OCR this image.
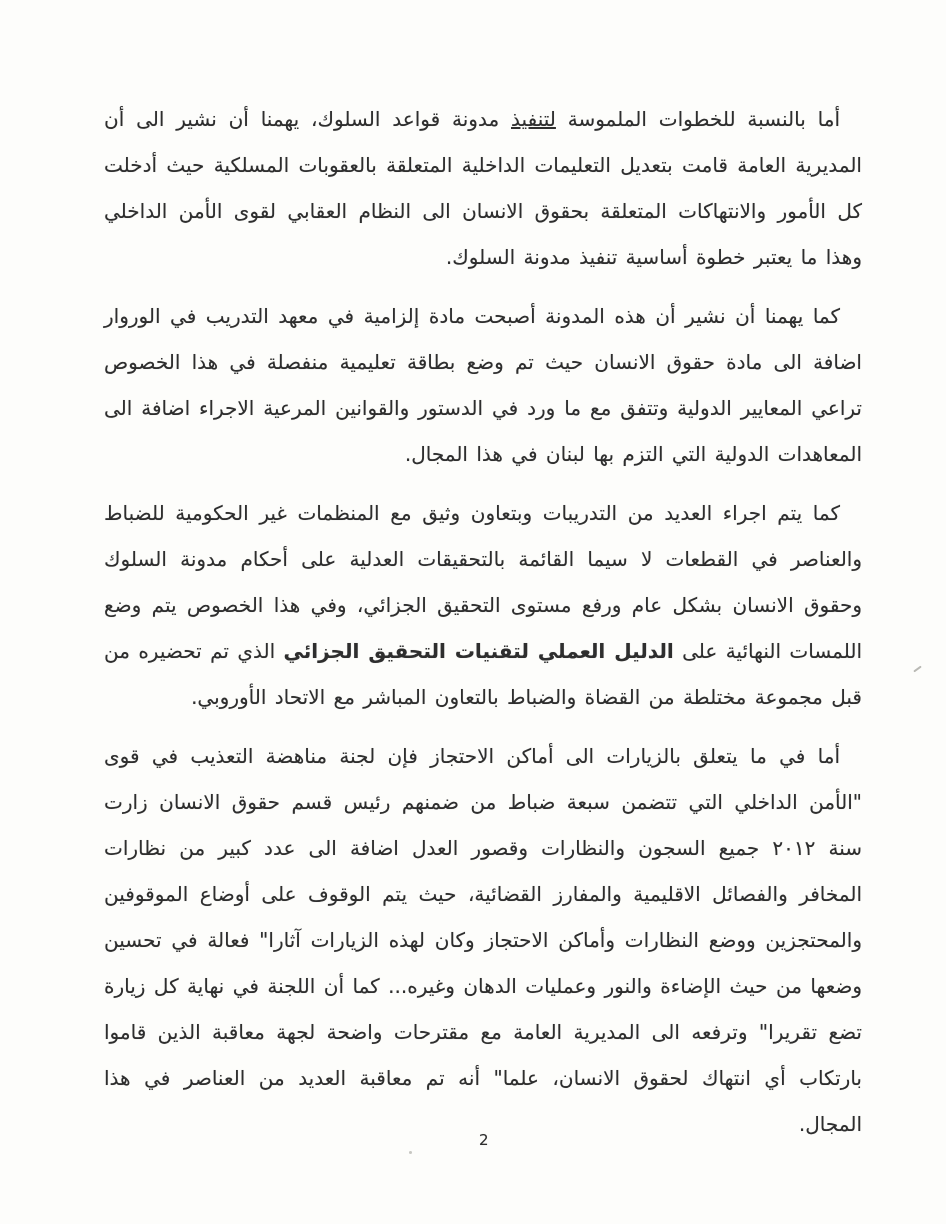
أما بالنسبة للخطوات الملموسة لتنفيذ مدونة قواعد السلوك، يهمنا أن نشير الى أن المديرية العامة قامت بتعديل التعليمات الداخلية المتعلقة بالعقوبات المسلكية حيث أدخلت كل الأمور والانتهاكات المتعلقة بحقوق الانسان الى النظام العقابي لقوى الأمن الداخلي وهذا ما يعتبر خطوة أساسية تنفيذ مدونة السلوك.

كما يهمنا أن نشير أن هذه المدونة أصبحت مادة إلزامية في معهد التدريب في الوروار اضافة الى مادة حقوق الانسان حيث تم وضع بطاقة تعليمية منفصلة في هذا الخصوص تراعي المعايير الدولية وتتفق مع ما ورد في الدستور والقوانين المرعية الاجراء اضافة الى المعاهدات الدولية التي التزم بها لبنان في هذا المجال.

كما يتم اجراء العديد من التدريبات وبتعاون وثيق مع المنظمات غير الحكومية للضباط والعناصر في القطعات لا سيما القائمة بالتحقيقات العدلية على أحكام مدونة السلوك وحقوق الانسان بشكل عام ورفع مستوى التحقيق الجزائي، وفي هذا الخصوص يتم وضع اللمسات النهائية على الدليل العملي لتقنيات التحقيق الجزائي الذي تم تحضيره من قبل مجموعة مختلطة من القضاة والضباط بالتعاون المباشر مع الاتحاد الأوروبي.

أما في ما يتعلق بالزيارات الى أماكن الاحتجاز فإن لجنة مناهضة التعذيب في قوى "الأمن الداخلي التي تتضمن سبعة ضباط من ضمنهم رئيس قسم حقوق الانسان زارت سنة ٢٠١٢ جميع السجون والنظارات وقصور العدل اضافة الى عدد كبير من نظارات المخافر والفصائل الاقليمية والمفارز القضائية، حيث يتم الوقوف على أوضاع الموقوفين والمحتجزين ووضع النظارات وأماكن الاحتجاز وكان لهذه الزيارات آثارا" فعالة في تحسين وضعها من حيث الإضاءة والنور وعمليات الدهان وغيره... كما أن اللجنة في نهاية كل زيارة تضع تقريرا" وترفعه الى المديرية العامة مع مقترحات واضحة لجهة معاقبة الذين قاموا بارتكاب أي انتهاك لحقوق الانسان، علما" أنه تم معاقبة العديد من العناصر في هذا المجال.

2
